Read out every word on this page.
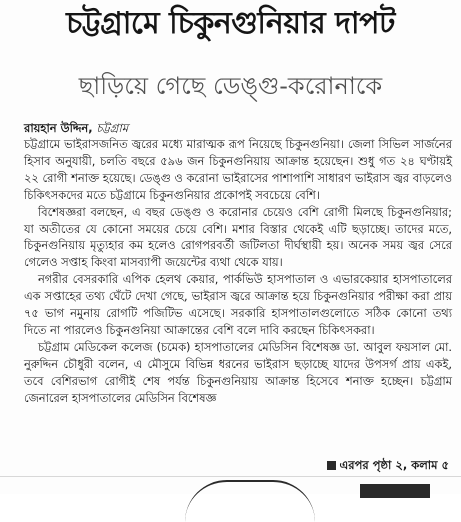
চট্টগ্রামে চিকুনগুনিয়ার দাপট
ছাড়িয়ে গেছে ডেঙ্গু-করোনাকে
রায়হান উদ্দিন, চট্টগ্রাম

চট্টগ্রামে ভাইরাসজনিত জ্বরের মধ্যে মারাত্মক রূপ নিয়েছে চিকুনগুনিয়া। জেলা সিভিল সার্জনের হিসাব অনুযায়ী, চলতি বছরে ৫৯৬ জন চিকুনগুনিয়ায় আক্রান্ত হয়েছেন। শুধু গত ২৪ ঘণ্টায়ই ২২ রোগী শনাক্ত হয়েছে। ডেঙ্গু ও করোনা ভাইরাসের পাশাপাশি সাধারণ ভাইরাস জ্বর বাড়লেও চিকিৎসকদের মতে চট্টগ্রামে চিকুনগুনিয়ার প্রকোপই সবচেয়ে বেশি।

বিশেষজ্ঞরা বলছেন, এ বছর ডেঙ্গু ও করোনার চেয়েও বেশি রোগী মিলছে চিকুনগুনিয়ার; যা অতীতের যে কোনো সময়ের চেয়ে বেশি। মশার বিস্তার থেকেই এটি ছড়াচ্ছে। তাদের মতে, চিকুনগুনিয়ায় মৃত্যুহার কম হলেও রোগপরবর্তী জটিলতা দীর্ঘস্থায়ী হয়। অনেক সময় জ্বর সেরে গেলেও সপ্তাহ কিংবা মাসব্যাপী জয়েন্টের ব্যথা থেকে যায়।

নগরীর বেসরকারি এপিক হেলথ কেয়ার, পার্কভিউ হাসপাতাল ও এভারকেয়ার হাসপাতালের এক সপ্তাহের তথ্য ঘেঁটে দেখা গেছে, ভাইরাস জ্বরে আক্রান্ত হয়ে চিকুনগুনিয়ার পরীক্ষা করা প্রায় ৭৫ ভাগ নমুনায় রোগটি পজিটিভ এসেছে। সরকারি হাসপাতালগুলোতে সঠিক কোনো তথ্য দিতে না পারলেও চিকুনগুনিয়া আক্রান্তের বেশি বলে দাবি করছেন চিকিৎসকরা।

চট্টগ্রাম মেডিকেল কলেজ (চমেক) হাসপাতালের মেডিসিন বিশেষজ্ঞ ডা. আবুল ফয়সাল মো. নুরুদ্দিন চৌধুরী বলেন, এ মৌসুমে বিভিন্ন ধরনের ভাইরাস ছড়াচ্ছে যাদের উপসর্গ প্রায় একই, তবে বেশিরভাগ রোগীই শেষ পর্যন্ত চিকুনগুনিয়ায় আক্রান্ত হিসেবে শনাক্ত হচ্ছেন। চট্টগ্রাম জেনারেল হাসপাতালের মেডিসিন বিশেষজ্ঞ

এরপর পৃষ্ঠা ২, কলাম ৫
